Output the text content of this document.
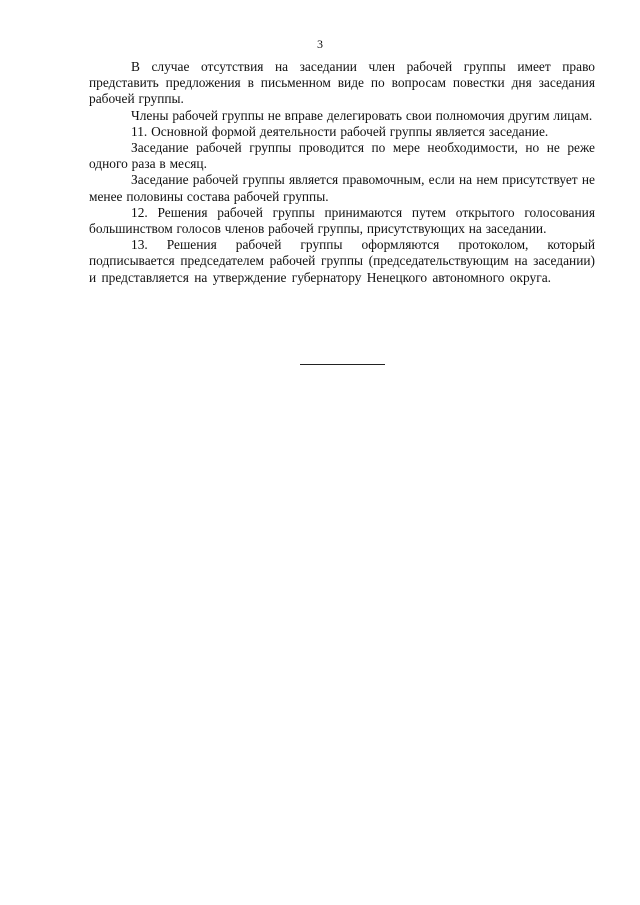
3

В случае отсутствия на заседании член рабочей группы имеет право представить предложения в письменном виде по вопросам повестки дня заседания рабочей группы.

Члены рабочей группы не вправе делегировать свои полномочия другим лицам.

11. Основной формой деятельности рабочей группы является заседание.

Заседание рабочей группы проводится по мере необходимости, но не реже одного раза в месяц.

Заседание рабочей группы является правомочным, если на нем присутствует не менее половины состава рабочей группы.

12. Решения рабочей группы принимаются путем открытого голосования большинством голосов членов рабочей группы, присутствующих на заседании.

13. Решения рабочей группы оформляются протоколом, который подписывается председателем рабочей группы (председательствующим на заседании) и представляется на утверждение губернатору Ненецкого автономного округа.
